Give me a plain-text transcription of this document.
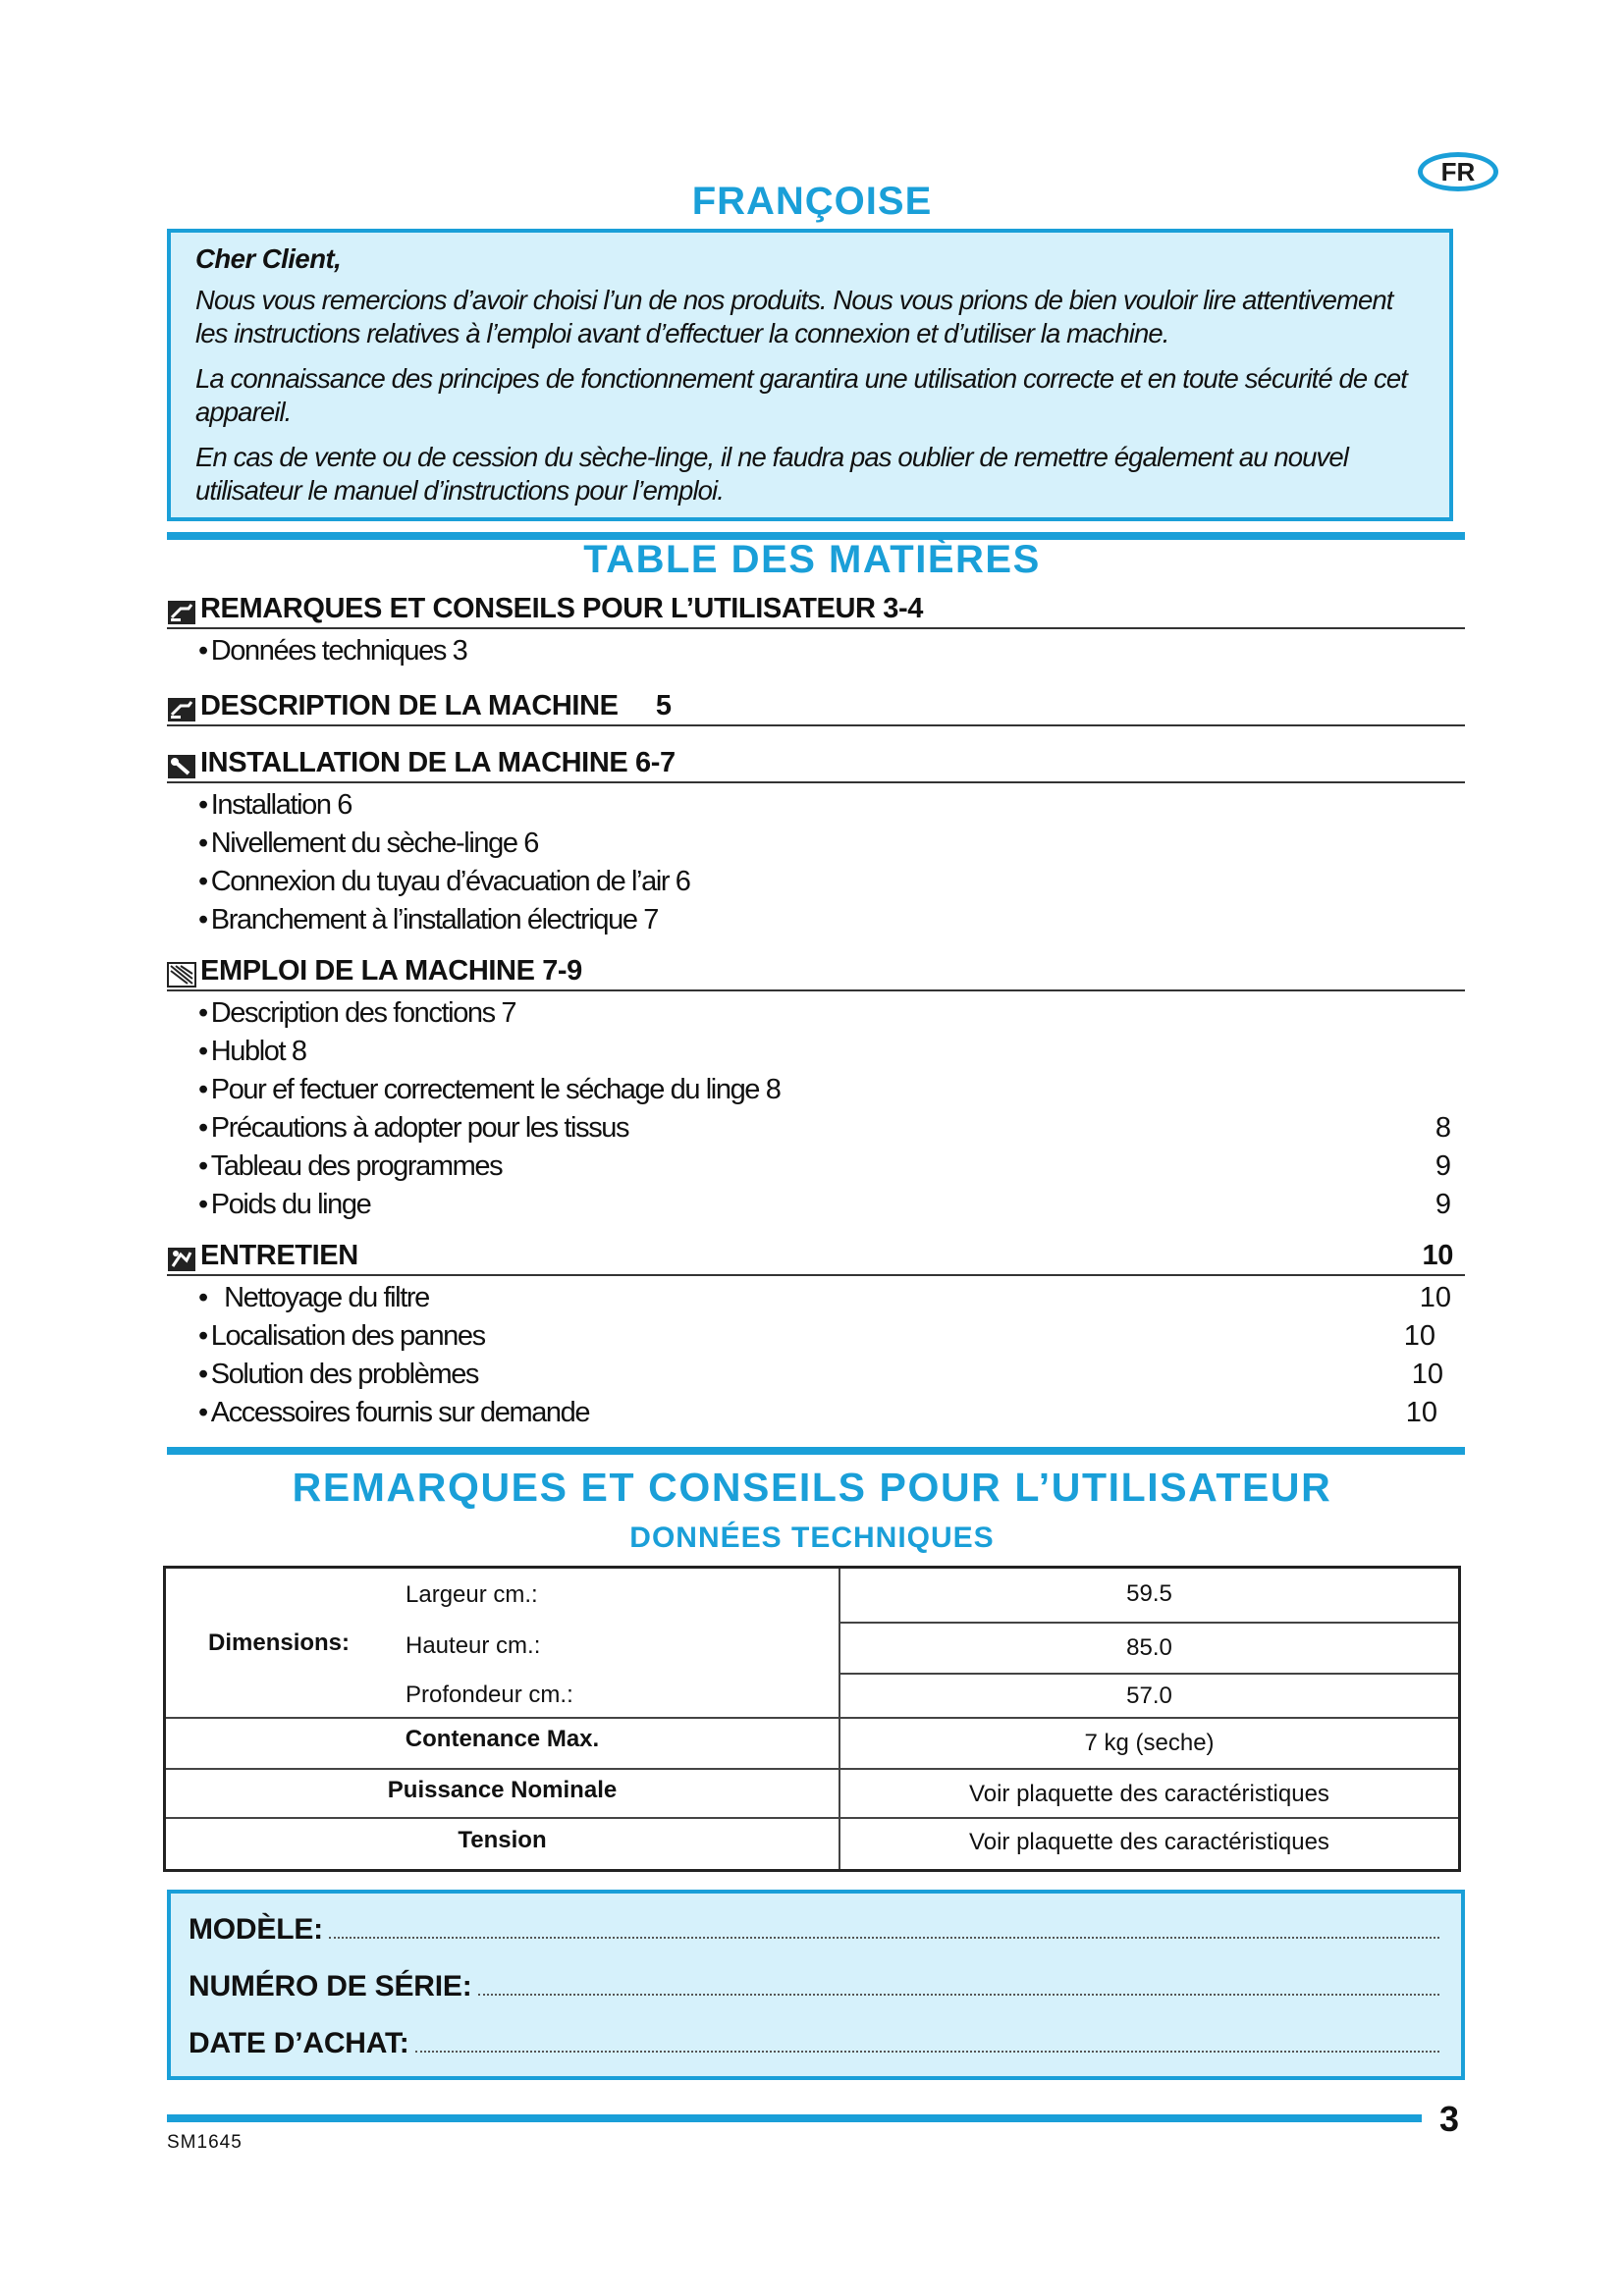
FR
FRANÇOISE

Cher Client,

Nous vous remercions d’avoir choisi l’un de nos produits. Nous vous prions de bien vouloir lire attentivement les instructions relatives à l’emploi avant d’effectuer la connexion et d’utiliser la machine.

La connaissance des principes de fonctionnement garantira une utilisation correcte et en toute sécurité de cet appareil.

En cas de vente ou de cession du sèche-linge, il ne faudra pas oublier de remettre également au nouvel utilisateur le manuel d’instructions pour l’emploi.

TABLE DES MATIÈRES
REMARQUES ET CONSEILS POUR L’UTILISATEUR 3-4
• Données techniques 3
DESCRIPTION DE LA MACHINE     5
INSTALLATION DE LA MACHINE 6-7
• Installation 6
• Nivellement du sèche-linge 6
• Connexion du tuyau d’évacuation de l’air 6
• Branchement à l’installation électrique 7
EMPLOI DE LA MACHINE 7-9
• Description des fonctions 7
• Hublot 8
• Pour ef fectuer correctement le séchage du linge 8
• Précautions à adopter pour les tissus	8
• Tableau des programmes	9
• Poids du linge	9
ENTRETIEN	10
• Nettoyage du filtre	10
• Localisation des pannes	10
• Solution des problèmes	10
• Accessoires fournis sur demande	10
REMARQUES ET CONSEILS POUR L’UTILISATEUR
DONNÉES TECHNIQUES
Dimensions:
Largeur cm.:	59.5
Hauteur cm.:	85.0
Profondeur cm.:	57.0
Contenance Max.	7 kg (seche)
Puissance Nominale	Voir plaquette des caractéristiques
Tension	Voir plaquette des caractéristiques
MODÈLE:
NUMÉRO DE SÉRIE:
DATE D’ACHAT:
3
SM1645
